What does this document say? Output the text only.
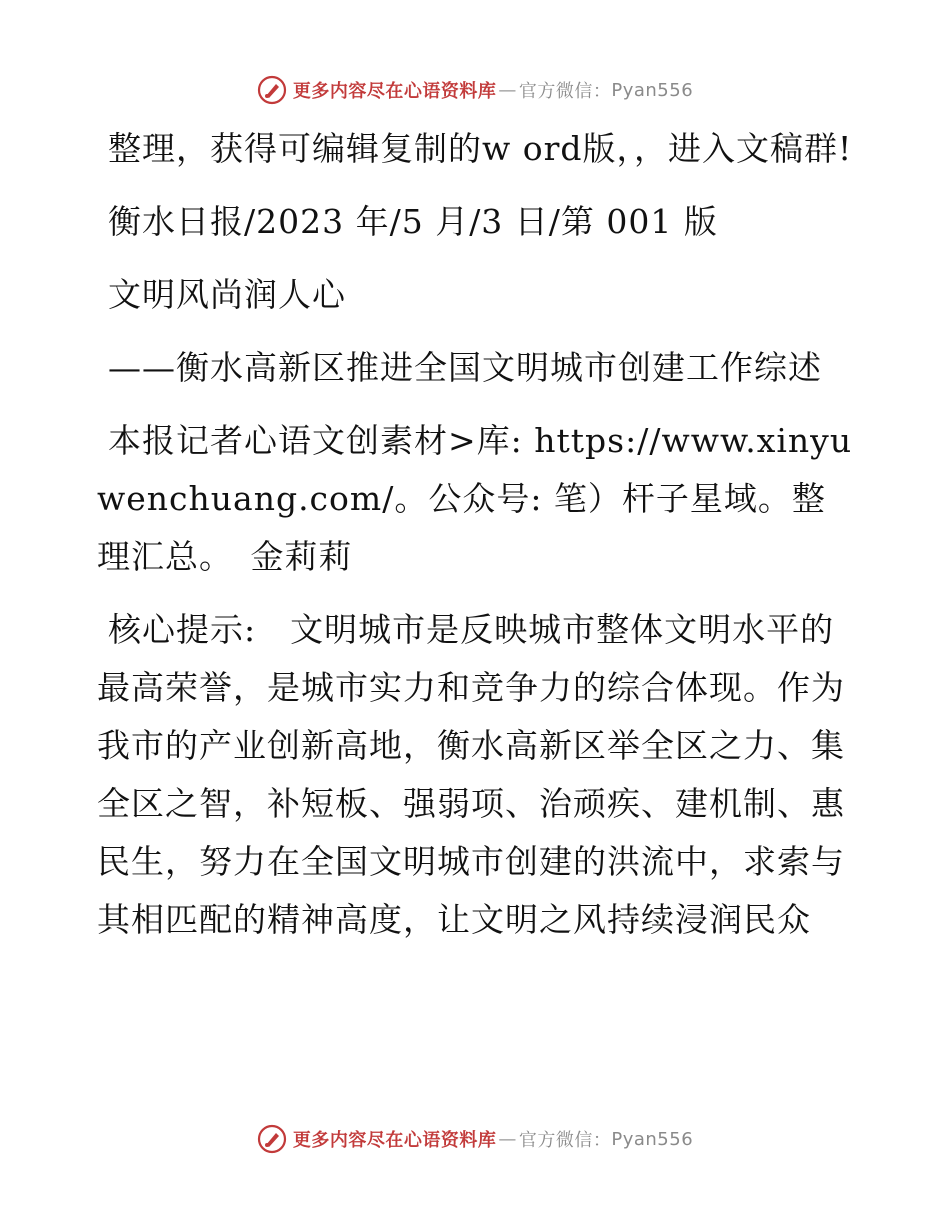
更多内容尽在心语资料库 — 官方微信： Pyan556

整理，获得可编辑复制的w ord版，，进入文稿群!

衡水日报/2023 年/5 月/3 日/第 001 版

文明风尚润人心

——衡水高新区推进全国文明城市创建工作综述

本报记者心语文创素材>库: https://www.xinyuwenchuang.com/。公众号: 笔）杆子星域。整理汇总。　金莉莉

核心提示:　文明城市是反映城市整体文明水平的最高荣誉，是城市实力和竞争力的综合体现。作为我市的产业创新高地，衡水高新区举全区之力、集全区之智，补短板、强弱项、治顽疾、建机制、惠民生，努力在全国文明城市创建的洪流中，求索与其相匹配的精神高度，让文明之风持续浸润民众

更多内容尽在心语资料库 — 官方微信： Pyan556
